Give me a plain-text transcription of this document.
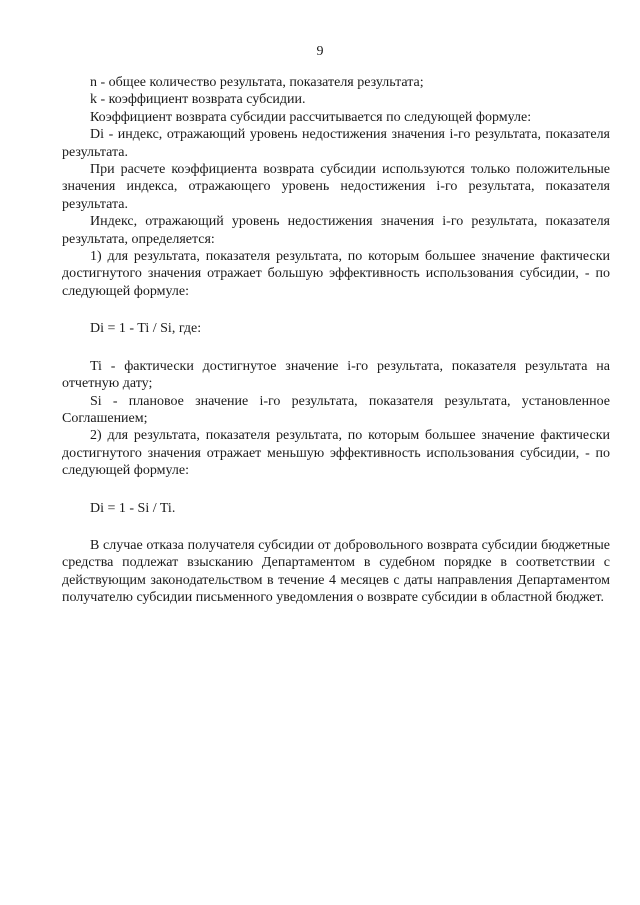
9

n - общее количество результата, показателя результата;

k - коэффициент возврата субсидии.

Коэффициент возврата субсидии рассчитывается по следующей формуле:

Di - индекс, отражающий уровень недостижения значения i-го результата, показателя результата.

При расчете коэффициента возврата субсидии используются только положительные значения индекса, отражающего уровень недостижения i-го результата, показателя результата.

Индекс, отражающий уровень недостижения значения i-го результата, показателя результата, определяется:

1) для результата, показателя результата, по которым большее значение фактически достигнутого значения отражает большую эффективность использования субсидии, - по следующей формуле:

Di = 1 - Ti / Si, где:

Ti - фактически достигнутое значение i-го результата, показателя результата на отчетную дату;

Si - плановое значение i-го результата, показателя результата, установленное Соглашением;

2) для результата, показателя результата, по которым большее значение фактически достигнутого значения отражает меньшую эффективность использования субсидии, - по следующей формуле:

Di = 1 - Si / Ti.

В случае отказа получателя субсидии от добровольного возврата субсидии бюджетные средства подлежат взысканию Департаментом в судебном порядке в соответствии с действующим законодательством в течение 4 месяцев с даты направления Департаментом получателю субсидии письменного уведомления о возврате субсидии в областной бюджет.
